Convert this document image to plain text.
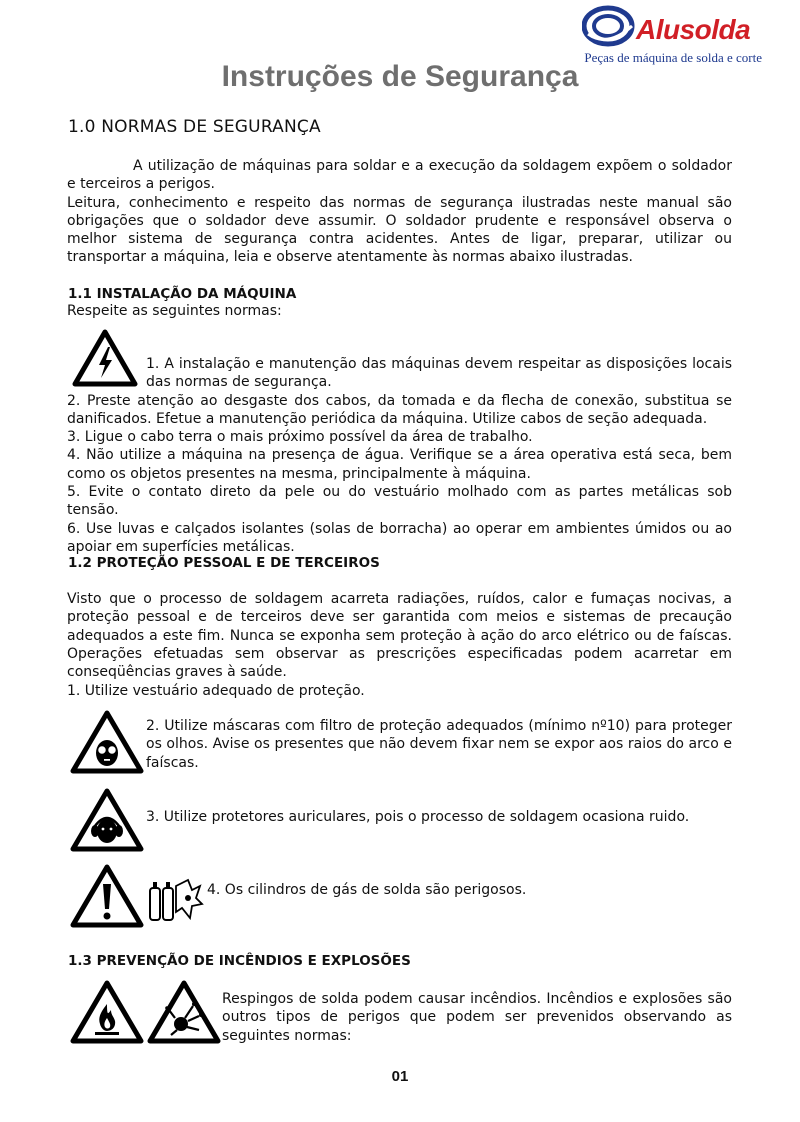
Alusolda
Peças de máquina de solda e corte
Instruções de Segurança
1.0 NORMAS DE SEGURANÇA

A utilização de máquinas para soldar e a execução da soldagem expõem o soldador e terceiros a perigos.

Leitura, conhecimento e respeito das normas de segurança ilustradas neste manual são obrigações que o soldador deve assumir. O soldador prudente e responsável observa o melhor sistema de segurança contra acidentes. Antes de ligar, preparar, utilizar ou transportar a máquina, leia e observe atentamente às normas abaixo ilustradas.

1.1 INSTALAÇÃO DA MÁQUINA
Respeite as seguintes normas:

1. A instalação e manutenção das máquinas devem respeitar as disposições locais das normas de segurança.

2. Preste atenção ao desgaste dos cabos, da tomada e da flecha de conexão, substitua se danificados. Efetue a manutenção periódica da máquina. Utilize cabos de seção adequada.

3. Ligue o cabo terra o mais próximo possível da área de trabalho.

4. Não utilize a máquina na presença de água. Verifique se a área operativa está seca, bem como os objetos presentes na mesma, principalmente à máquina.

5. Evite o contato direto da pele ou do vestuário molhado com as partes metálicas sob tensão.

6. Use luvas e calçados isolantes (solas de borracha) ao operar em ambientes úmidos ou ao apoiar em superfícies metálicas.

1.2 PROTEÇÃO PESSOAL E DE TERCEIROS
Visto que o processo de soldagem acarreta radiações, ruídos, calor e fumaças nocivas, a proteção pessoal e de terceiros deve ser garantida com meios e sistemas de precaução adequados a este fim. Nunca se exponha sem proteção à ação do arco elétrico ou de faíscas. Operações efetuadas sem observar as prescrições especificadas podem acarretar em conseqüências graves à saúde.
1. Utilize vestuário adequado de proteção.
2. Utilize máscaras com filtro de proteção adequados (mínimo nº10) para proteger os olhos. Avise os presentes que não devem fixar nem se expor aos raios do arco e faíscas.
3. Utilize protetores auriculares, pois o processo de soldagem ocasiona ruido.
4. Os cilindros de gás de solda são perigosos.
1.3 PREVENÇÃO DE INCÊNDIOS E EXPLOSÕES
Respingos de solda podem causar incêndios. Incêndios e explosões são outros tipos de perigos que podem ser prevenidos observando as seguintes normas:
01
